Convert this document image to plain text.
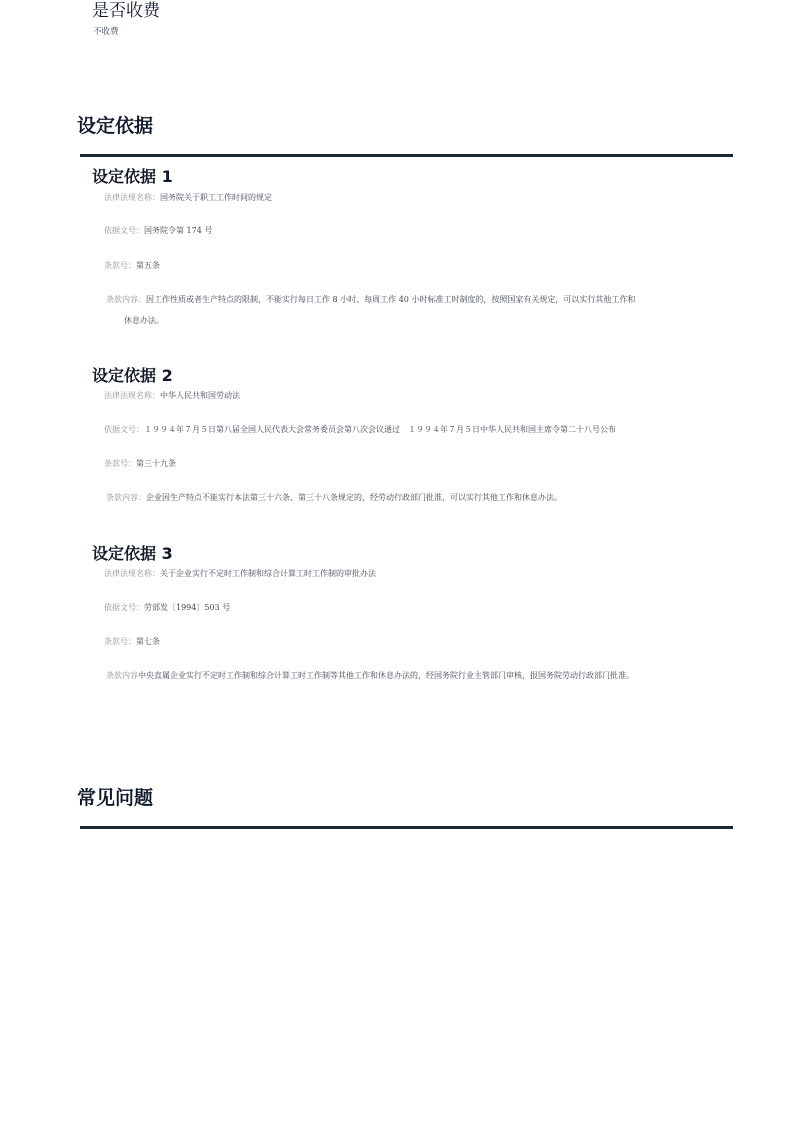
是否收费
不收费
设定依据
设定依据 1
法律法规名称：国务院关于职工工作时间的规定
依据文号：国务院令第 174 号
条款号：第五条
条款内容：因工作性质或者生产特点的限制，不能实行每日工作 8 小时、每周工作 40 小时标准工时制度的，按照国家有关规定，可以实行其他工作和
休息办法。
设定依据 2
法律法规名称：中华人民共和国劳动法
依据文号：１９９４年７月５日第八届全国人民代表大会常务委员会第八次会议通过　１９９４年７月５日中华人民共和国主席令第二十八号公布
条款号：第三十九条
条款内容：企业因生产特点不能实行本法第三十六条、第三十八条规定的，经劳动行政部门批准，可以实行其他工作和休息办法。
设定依据 3
法律法规名称：关于企业实行不定时工作制和综合计算工时工作制的审批办法
依据文号：劳部发〔1994〕503 号
条款号：第七条
条款内容中央直属企业实行不定时工作制和综合计算工时工作制等其他工作和休息办法的，经国务院行业主管部门审核，报国务院劳动行政部门批准。
常见问题
